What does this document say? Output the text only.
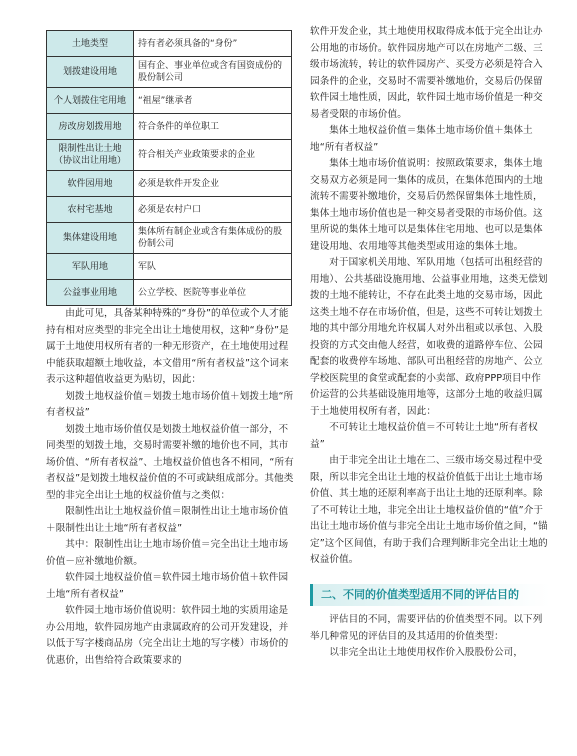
土地类型	持有者必须具备的“身份”
划拨建设用地	国有企、事业单位或含有国资成份的股份制公司
个人划拨住宅用地	“祖屋”继承者
房改房划拨用地	符合条件的单位职工
限制性出让土地（协议出让用地）	符合相关产业政策要求的企业
软件园用地	必须是软件开发企业
农村宅基地	必须是农村户口
集体建设用地	集体所有制企业或含有集体成份的股份制公司
军队用地	军队
公益事业用地	公立学校、医院等事业单位

由此可见，具备某种特殊的“身份”的单位或个人才能持有相对应类型的非完全出让土地使用权，这种“身份”是属于土地使用权所有者的一种无形资产，在土地使用过程中能获取超额土地收益，本文借用“所有者权益”这个词来表示这种超值收益更为贴切，因此：

划拨土地权益价值＝划拨土地市场价值＋划拨土地“所有者权益”

划拨土地市场价值仅是划拨土地权益价值一部分，不同类型的划拨土地，交易时需要补缴的地价也不同，其市场价值、“所有者权益”、土地权益价值也各不相同，“所有者权益”是划拨土地权益价值的不可或缺组成部分。其他类型的非完全出让土地的权益价值与之类似：

限制性出让土地权益价值＝限制性出让土地市场价值＋限制性出让土地“所有者权益”

其中：限制性出让土地市场价值＝完全出让土地市场价值－应补缴地价额。

软件园土地权益价值＝软件园土地市场价值＋软件园土地“所有者权益”

软件园土地市场价值说明：软件园土地的实质用途是办公用地，软件园房地产由隶属政府的公司开发建设，并以低于写字楼商品房（完全出让土地的写字楼）市场价的优惠价，出售给符合政策要求的

软件开发企业，其土地使用权取得成本低于完全出让办公用地的市场价。软件园房地产可以在房地产二级、三级市场流转，转让的软件园房产、买受方必须是符合入园条件的企业，交易时不需要补缴地价，交易后仍保留软件园土地性质，因此，软件园土地市场价值是一种交易者受限的市场价值。

集体土地权益价值＝集体土地市场价值＋集体土地“所有者权益”

集体土地市场价值说明：按照政策要求，集体土地交易双方必须是同一集体的成员，在集体范围内的土地流转不需要补缴地价，交易后仍然保留集体土地性质，集体土地市场价值也是一种交易者受限的市场价值。这里所说的集体土地可以是集体住宅用地、也可以是集体建设用地、农用地等其他类型或用途的集体土地。

对于国家机关用地、军队用地（包括可出租经营的用地）、公共基础设施用地、公益事业用地，这类无偿划拨的土地不能转让，不存在此类土地的交易市场，因此这类土地不存在市场价值，但是，这些不可转让划拨土地的其中部分用地允许权属人对外出租或以承包、入股投资的方式交由他人经营，如收费的道路停车位、公园配套的收费停车场地、部队可出租经营的房地产、公立学校医院里的食堂或配套的小卖部、政府PPP项目中作价运营的公共基础设施用地等，这部分土地的收益归属于土地使用权所有者，因此：

不可转让土地权益价值＝不可转让土地“所有者权益”

由于非完全出让土地在二、三级市场交易过程中受限，所以非完全出让土地的权益价值低于出让土地市场价值、其土地的还原利率高于出让土地的还原利率。除了不可转让土地，非完全出让土地权益价值的“值”介于出让土地市场价值与非完全出让土地市场价值之间，“锚定”这个区间值，有助于我们合理判断非完全出让土地的权益价值。

二、不同的价值类型适用不同的评估目的

评估目的不同，需要评估的价值类型不同。以下列举几种常见的评估目的及其适用的价值类型：

以非完全出让土地使用权作价入股股份公司，
